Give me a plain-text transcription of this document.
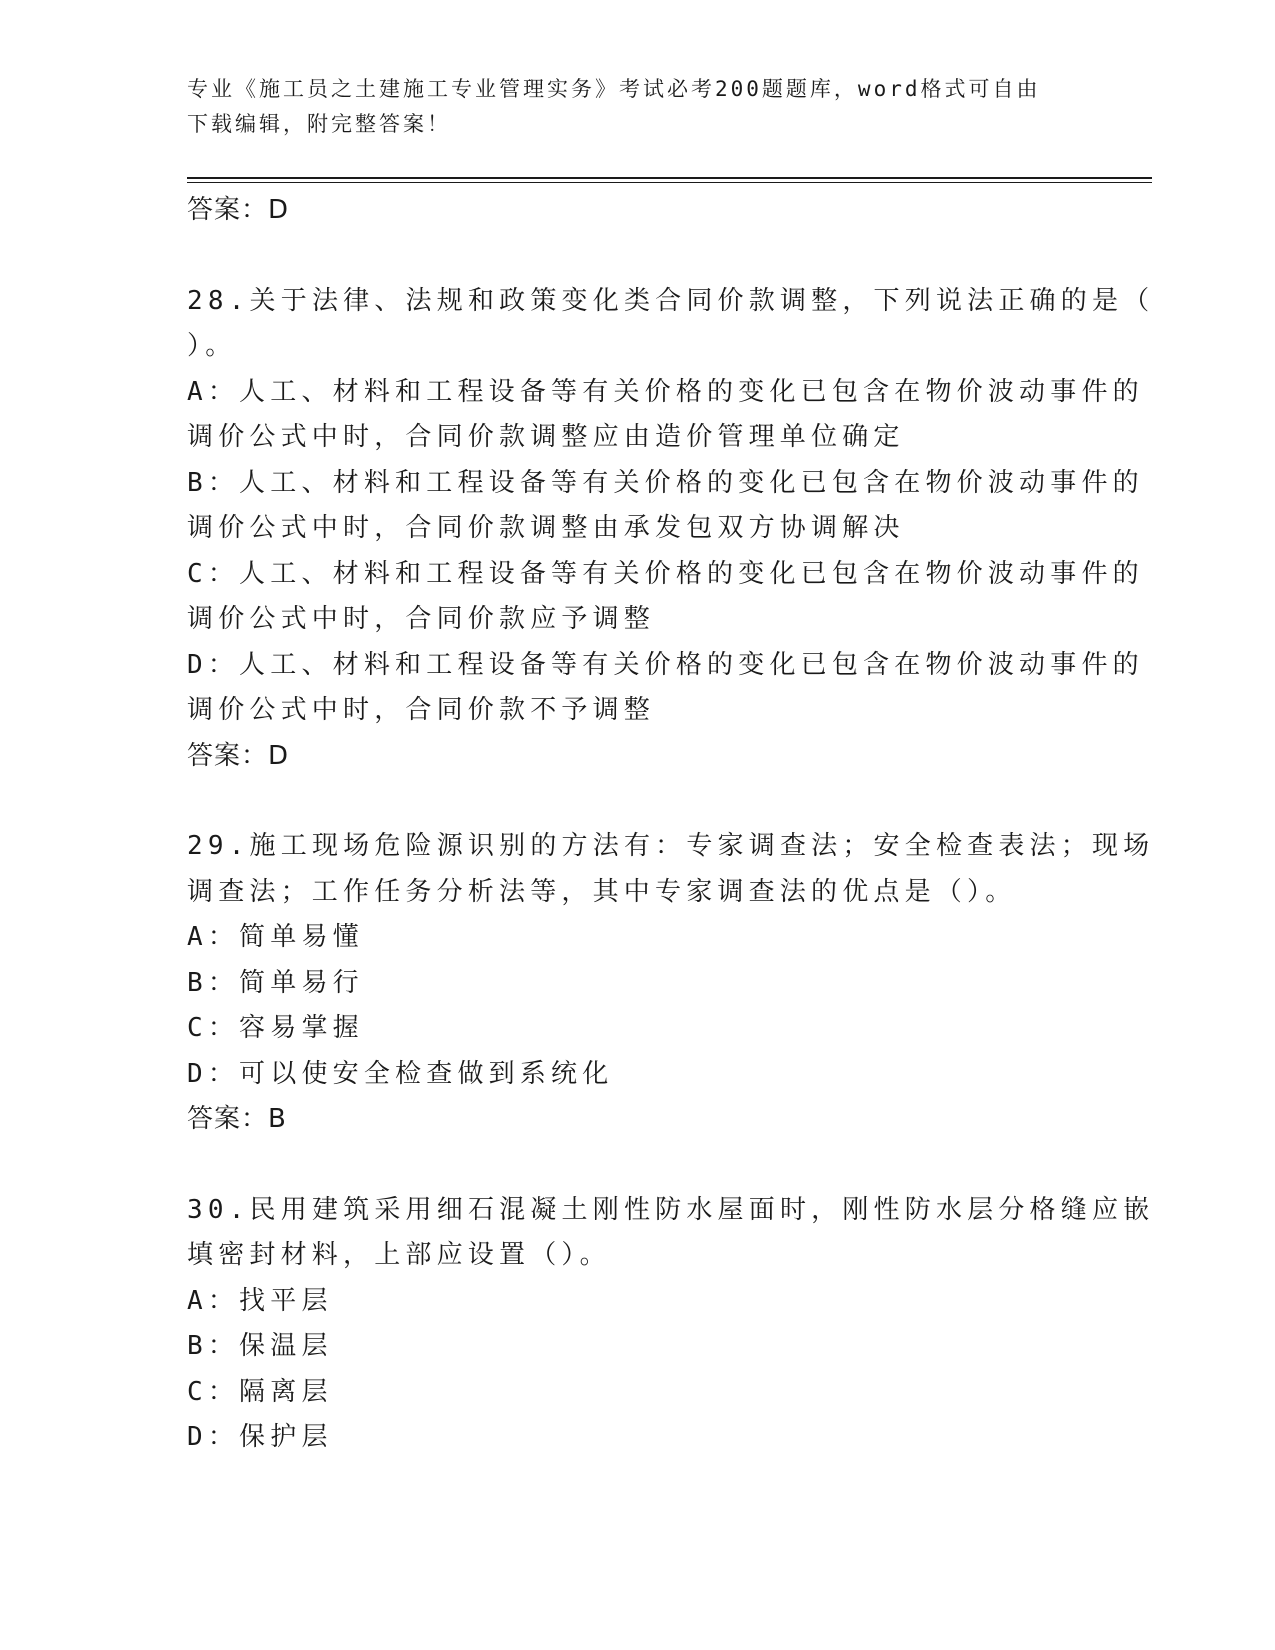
专业《施工员之土建施工专业管理实务》考试必考200题题库，word格式可自由
下载编辑，附完整答案！
答案：D
28.关于法律、法规和政策变化类合同价款调整，下列说法正确的是（
）。
A：人工、材料和工程设备等有关价格的变化已包含在物价波动事件的
调价公式中时，合同价款调整应由造价管理单位确定
B：人工、材料和工程设备等有关价格的变化已包含在物价波动事件的
调价公式中时，合同价款调整由承发包双方协调解决
C：人工、材料和工程设备等有关价格的变化已包含在物价波动事件的
调价公式中时，合同价款应予调整
D：人工、材料和工程设备等有关价格的变化已包含在物价波动事件的
调价公式中时，合同价款不予调整
答案：D
29.施工现场危险源识别的方法有：专家调查法；安全检查表法；现场
调查法；工作任务分析法等，其中专家调查法的优点是（）。
A：简单易懂
B：简单易行
C：容易掌握
D：可以使安全检查做到系统化
答案：B
30.民用建筑采用细石混凝土刚性防水屋面时，刚性防水层分格缝应嵌
填密封材料，上部应设置（）。
A：找平层
B：保温层
C：隔离层
D：保护层
